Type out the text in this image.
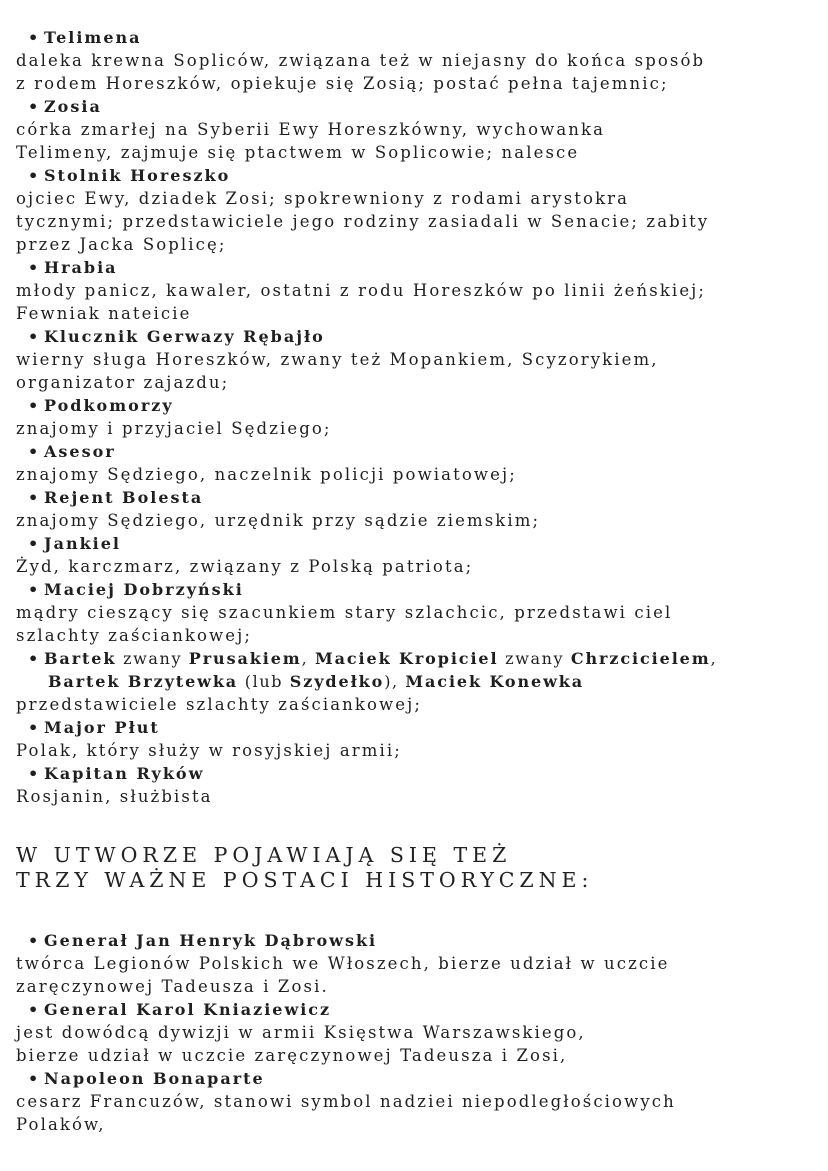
• Telimena
daleka krewna Sopliców, związana też w niejasny do końca sposób
z rodem Horeszków, opiekuje się Zosią; postać pełna tajemnic;
• Zosia
córka zmarłej na Syberii Ewy Horeszkówny, wychowanka
Telimeny, zajmuje się ptactwem w Soplicowie; nalesce
• Stolnik Horeszko
ojciec Ewy, dziadek Zosi; spokrewniony z rodami arystokra
tycznymi; przedstawiciele jego rodziny zasiadali w Senacie; zabity
przez Jacka Soplicę;
• Hrabia
młody panicz, kawaler, ostatni z rodu Horeszków po linii żeńskiej;
Fewniak nateicie
• Klucznik Gerwazy Rębajło
wierny sługa Horeszków, zwany też Mopankiem, Scyzorykiem,
organizator zajazdu;
• Podkomorzy
znajomy i przyjaciel Sędziego;
• Asesor
znajomy Sędziego, naczelnik policji powiatowej;
• Rejent Bolesta
znajomy Sędziego, urzędnik przy sądzie ziemskim;
• Jankiel
Żyd, karczmarz, związany z Polską patriota;
• Maciej Dobrzyński
mądry cieszący się szacunkiem stary szlachcic, przedstawi ciel
szlachty zaściankowej;
• Bartek zwany Prusakiem, Maciek Kropiciel zwany Chrzcicielem,
Bartek Brzytewka (lub Szydełko), Maciek Konewka
przedstawiciele szlachty zaściankowej;
• Major Płut
Polak, który służy w rosyjskiej armii;
• Kapitan Ryków
Rosjanin, służbista
W UTWORZE POJAWIAJĄ SIĘ TEŻ
TRZY WAŻNE POSTACI HISTORYCZNE:
• Generał Jan Henryk Dąbrowski
twórca Legionów Polskich we Włoszech, bierze udział w uczcie
zaręczynowej Tadeusza i Zosi.
• General Karol Kniaziewicz
jest dowódcą dywizji w armii Księstwa Warszawskiego,
bierze udział w uczcie zaręczynowej Tadeusza i Zosi,
• Napoleon Bonaparte
cesarz Francuzów, stanowi symbol nadziei niepodległościowych
Polaków,
